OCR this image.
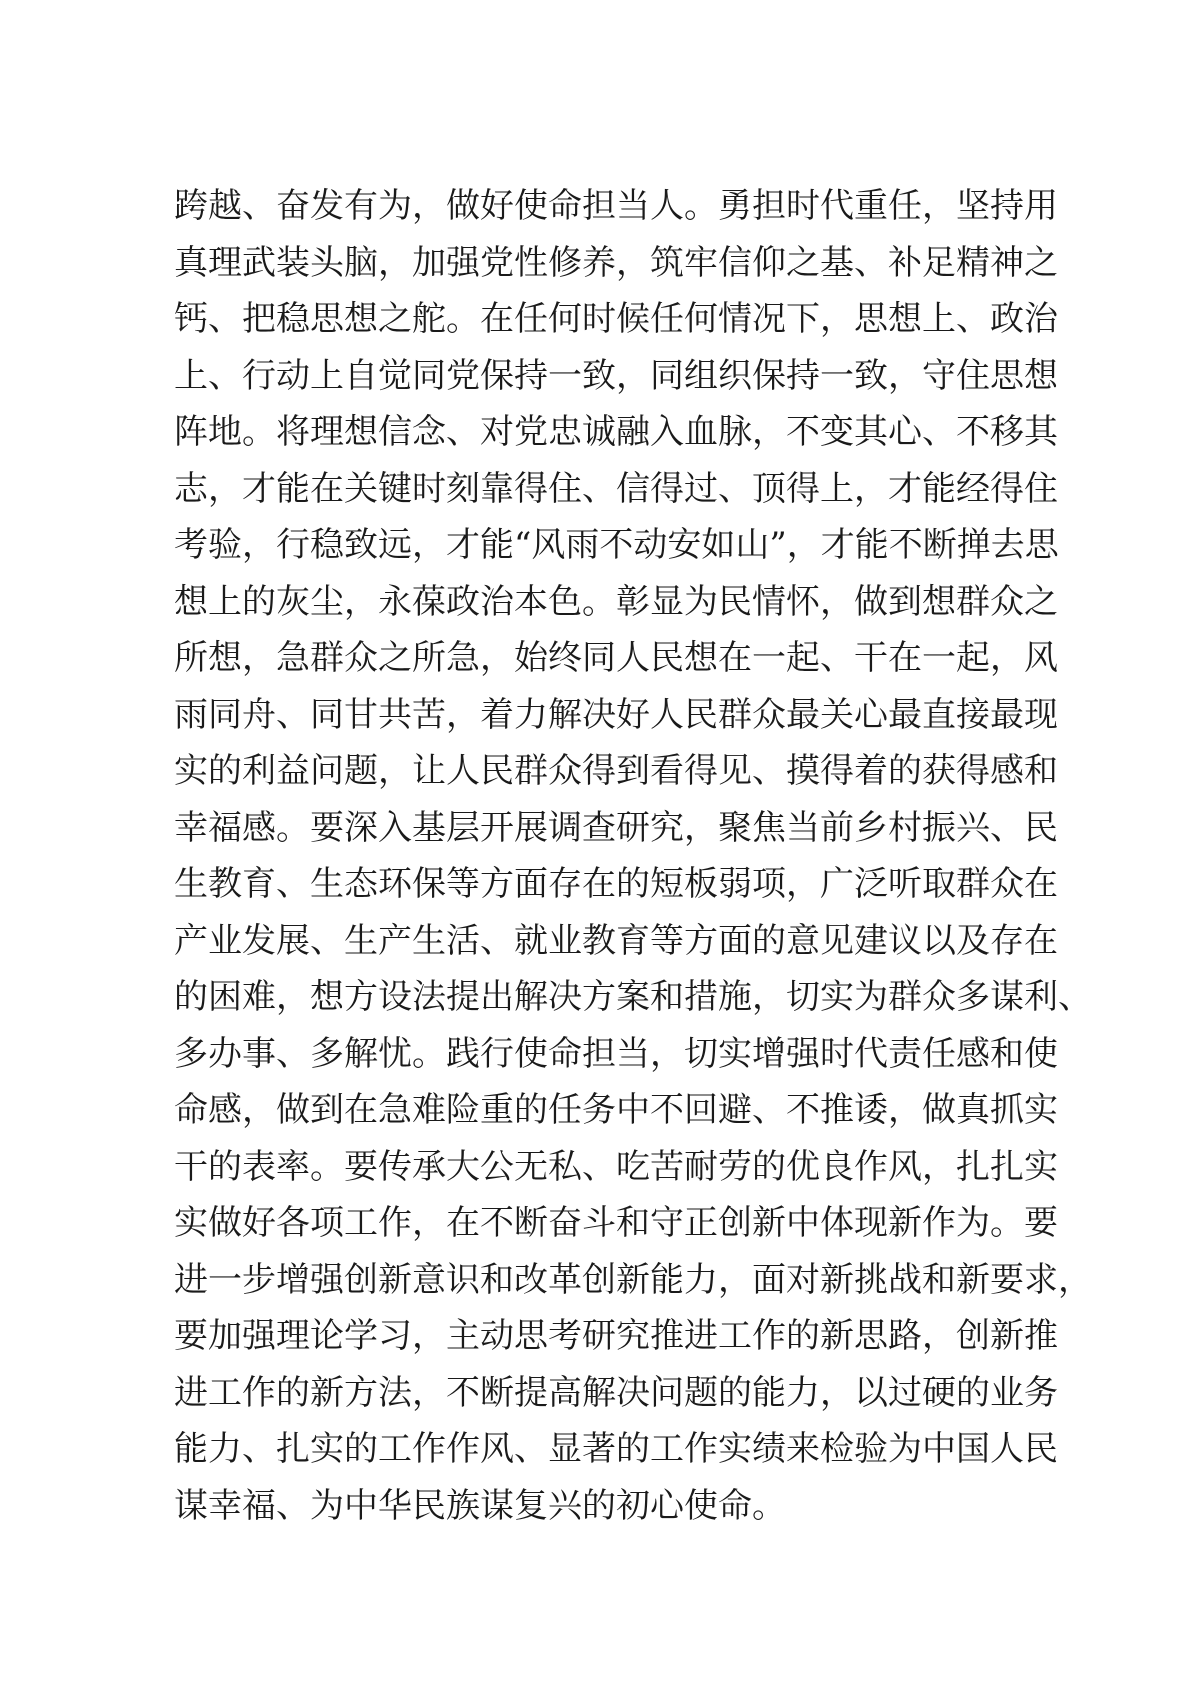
跨越、奋发有为，做好使命担当人。勇担时代重任，坚持用
真理武装头脑，加强党性修养，筑牢信仰之基、补足精神之
钙、把稳思想之舵。在任何时候任何情况下，思想上、政治
上、行动上自觉同党保持一致，同组织保持一致，守住思想
阵地。将理想信念、对党忠诚融入血脉，不变其心、不移其
志，才能在关键时刻靠得住、信得过、顶得上，才能经得住
考验，行稳致远，才能“风雨不动安如山”，才能不断掸去思
想上的灰尘，永葆政治本色。彰显为民情怀，做到想群众之
所想，急群众之所急，始终同人民想在一起、干在一起，风
雨同舟、同甘共苦，着力解决好人民群众最关心最直接最现
实的利益问题，让人民群众得到看得见、摸得着的获得感和
幸福感。要深入基层开展调查研究，聚焦当前乡村振兴、民
生教育、生态环保等方面存在的短板弱项，广泛听取群众在
产业发展、生产生活、就业教育等方面的意见建议以及存在
的困难，想方设法提出解决方案和措施，切实为群众多谋利、
多办事、多解忧。践行使命担当，切实增强时代责任感和使
命感，做到在急难险重的任务中不回避、不推诿，做真抓实
干的表率。要传承大公无私、吃苦耐劳的优良作风，扎扎实
实做好各项工作，在不断奋斗和守正创新中体现新作为。要
进一步增强创新意识和改革创新能力，面对新挑战和新要求，
要加强理论学习，主动思考研究推进工作的新思路，创新推
进工作的新方法，不断提高解决问题的能力，以过硬的业务
能力、扎实的工作作风、显著的工作实绩来检验为中国人民
谋幸福、为中华民族谋复兴的初心使命。
